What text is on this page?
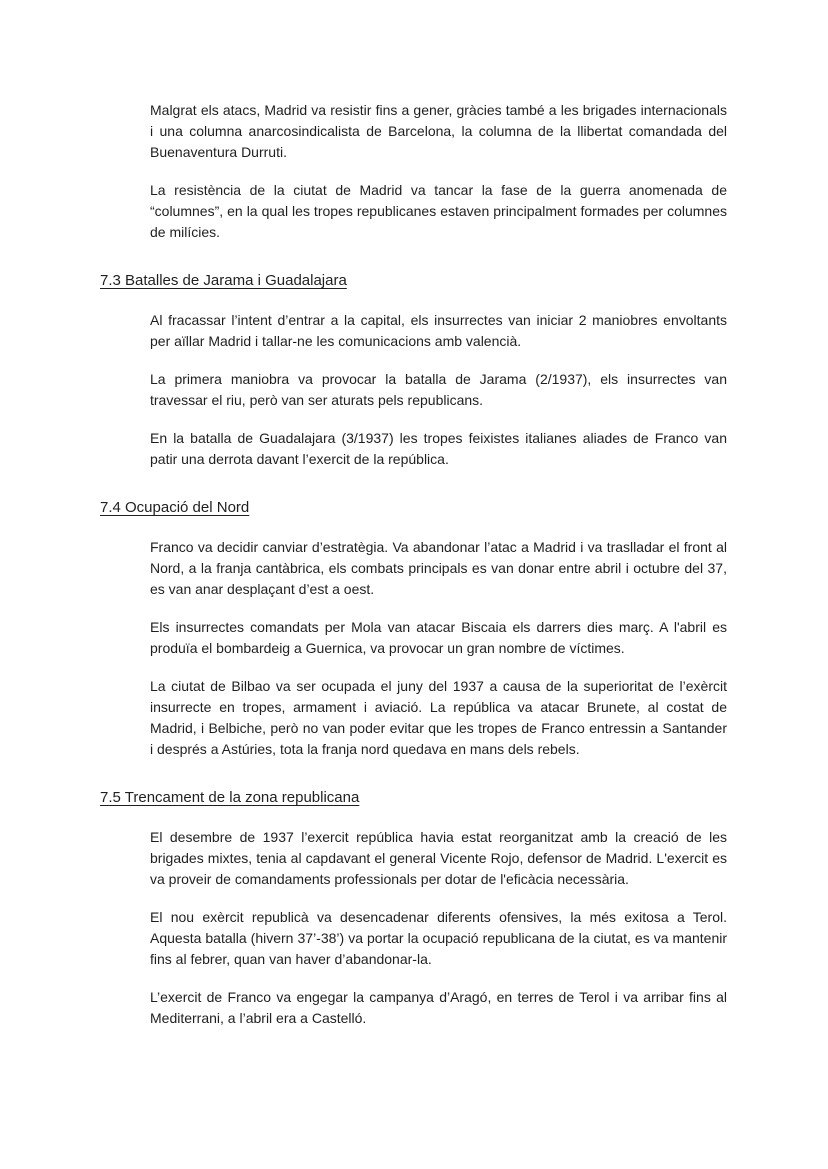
Malgrat els atacs, Madrid va resistir fins a gener, gràcies també a les brigades internacionals i una columna anarcosindicalista de Barcelona, la columna de la llibertat comandada del Buenaventura Durruti.

La resistència de la ciutat de Madrid va tancar la fase de la guerra anomenada de “columnes”, en la qual les tropes republicanes estaven principalment formades per columnes de milícies.

7.3 Batalles de Jarama i Guadalajara

Al fracassar l’intent d’entrar a la capital, els insurrectes van iniciar 2 maniobres envoltants per aïllar Madrid i tallar-ne les comunicacions amb valencià.

La primera maniobra va provocar la batalla de Jarama (2/1937), els insurrectes van travessar el riu, però van ser aturats pels republicans.

En la batalla de Guadalajara (3/1937) les tropes feixistes italianes aliades de Franco van patir una derrota davant l’exercit de la república.

7.4 Ocupació del Nord

Franco va decidir canviar d’estratègia. Va abandonar l’atac a Madrid i va traslladar el front al Nord, a la franja cantàbrica, els combats principals es van donar entre abril i octubre del 37, es van anar desplaçant d’est a oest.

Els insurrectes comandats per Mola van atacar Biscaia els darrers dies març. A l'abril es produïa el bombardeig a Guernica, va provocar un gran nombre de víctimes.

La ciutat de Bilbao va ser ocupada el juny del 1937 a causa de la superioritat de l’exèrcit insurrecte en tropes, armament i aviació. La república va atacar Brunete, al costat de Madrid, i Belbiche, però no van poder evitar que les tropes de Franco entressin a Santander i després a Astúries, tota la franja nord quedava en mans dels rebels.

7.5 Trencament de la zona republicana

El desembre de 1937 l’exercit república havia estat reorganitzat amb la creació de les brigades mixtes, tenia al capdavant el general Vicente Rojo, defensor de Madrid. L'exercit es va proveir de comandaments professionals per dotar de l'eficàcia necessària.

El nou exèrcit republicà va desencadenar diferents ofensives, la més exitosa a Terol. Aquesta batalla (hivern 37’-38’) va portar la ocupació republicana de la ciutat, es va mantenir fins al febrer, quan van haver d’abandonar-la.

L’exercit de Franco va engegar la campanya d’Aragó, en terres de Terol i va arribar fins al Mediterrani, a l’abril era a Castelló.
